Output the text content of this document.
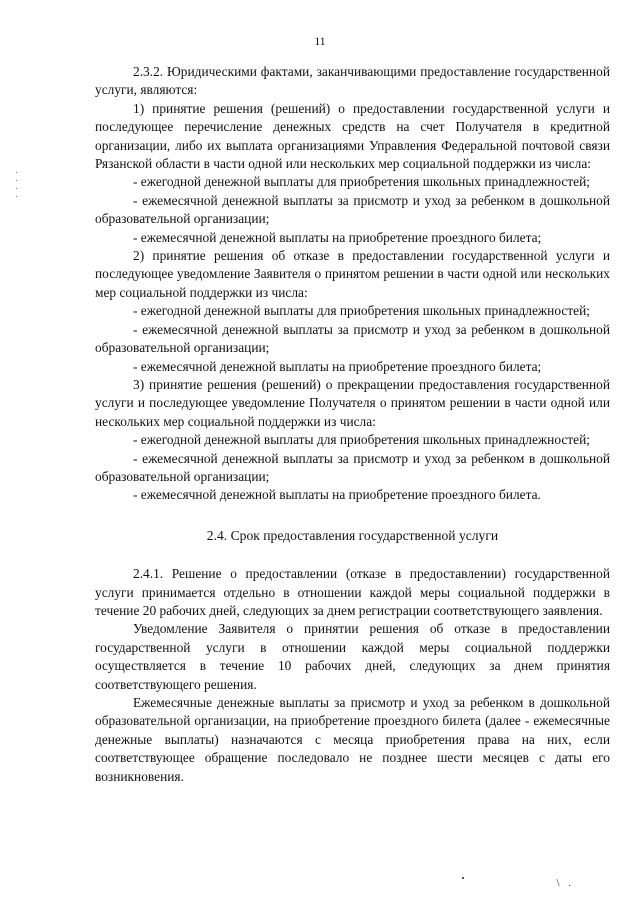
11

2.3.2. Юридическими фактами, заканчивающими предоставление государственной услуги, являются:

1) принятие решения (решений) о предоставлении государственной услуги и последующее перечисление денежных средств на счет Получателя в кредитной организации, либо их выплата организациями Управления Федеральной почтовой связи Рязанской области в части одной или нескольких мер социальной поддержки из числа:

- ежегодной денежной выплаты для приобретения школьных принадлежностей;

- ежемесячной денежной выплаты за присмотр и уход за ребенком в дошкольной образовательной организации;

- ежемесячной денежной выплаты на приобретение проездного билета;

2) принятие решения об отказе в предоставлении государственной услуги и последующее уведомление Заявителя о принятом решении в части одной или нескольких мер социальной поддержки из числа:

- ежегодной денежной выплаты для приобретения школьных принадлежностей;

- ежемесячной денежной выплаты за присмотр и уход за ребенком в дошкольной образовательной организации;

- ежемесячной денежной выплаты на приобретение проездного билета;

3) принятие решения (решений) о прекращении предоставления государственной услуги и последующее уведомление Получателя о принятом решении в части одной или нескольких мер социальной поддержки из числа:

- ежегодной денежной выплаты для приобретения школьных принадлежностей;

- ежемесячной денежной выплаты за присмотр и уход за ребенком в дошкольной образовательной организации;

- ежемесячной денежной выплаты на приобретение проездного билета.

2.4. Срок предоставления государственной услуги

2.4.1. Решение о предоставлении (отказе в предоставлении) государственной услуги принимается отдельно в отношении каждой меры социальной поддержки в течение 20 рабочих дней, следующих за днем регистрации соответствующего заявления.

Уведомление Заявителя о принятии решения об отказе в предоставлении государственной услуги в отношении каждой меры социальной поддержки осуществляется в течение 10 рабочих дней, следующих за днем принятия соответствующего решения.

Ежемесячные денежные выплаты за присмотр и уход за ребенком в дошкольной образовательной организации, на приобретение проездного билета (далее - ежемесячные денежные выплаты) назначаются с месяца приобретения права на них, если соответствующее обращение последовало не позднее шести месяцев с даты его возникновения.

\ .
